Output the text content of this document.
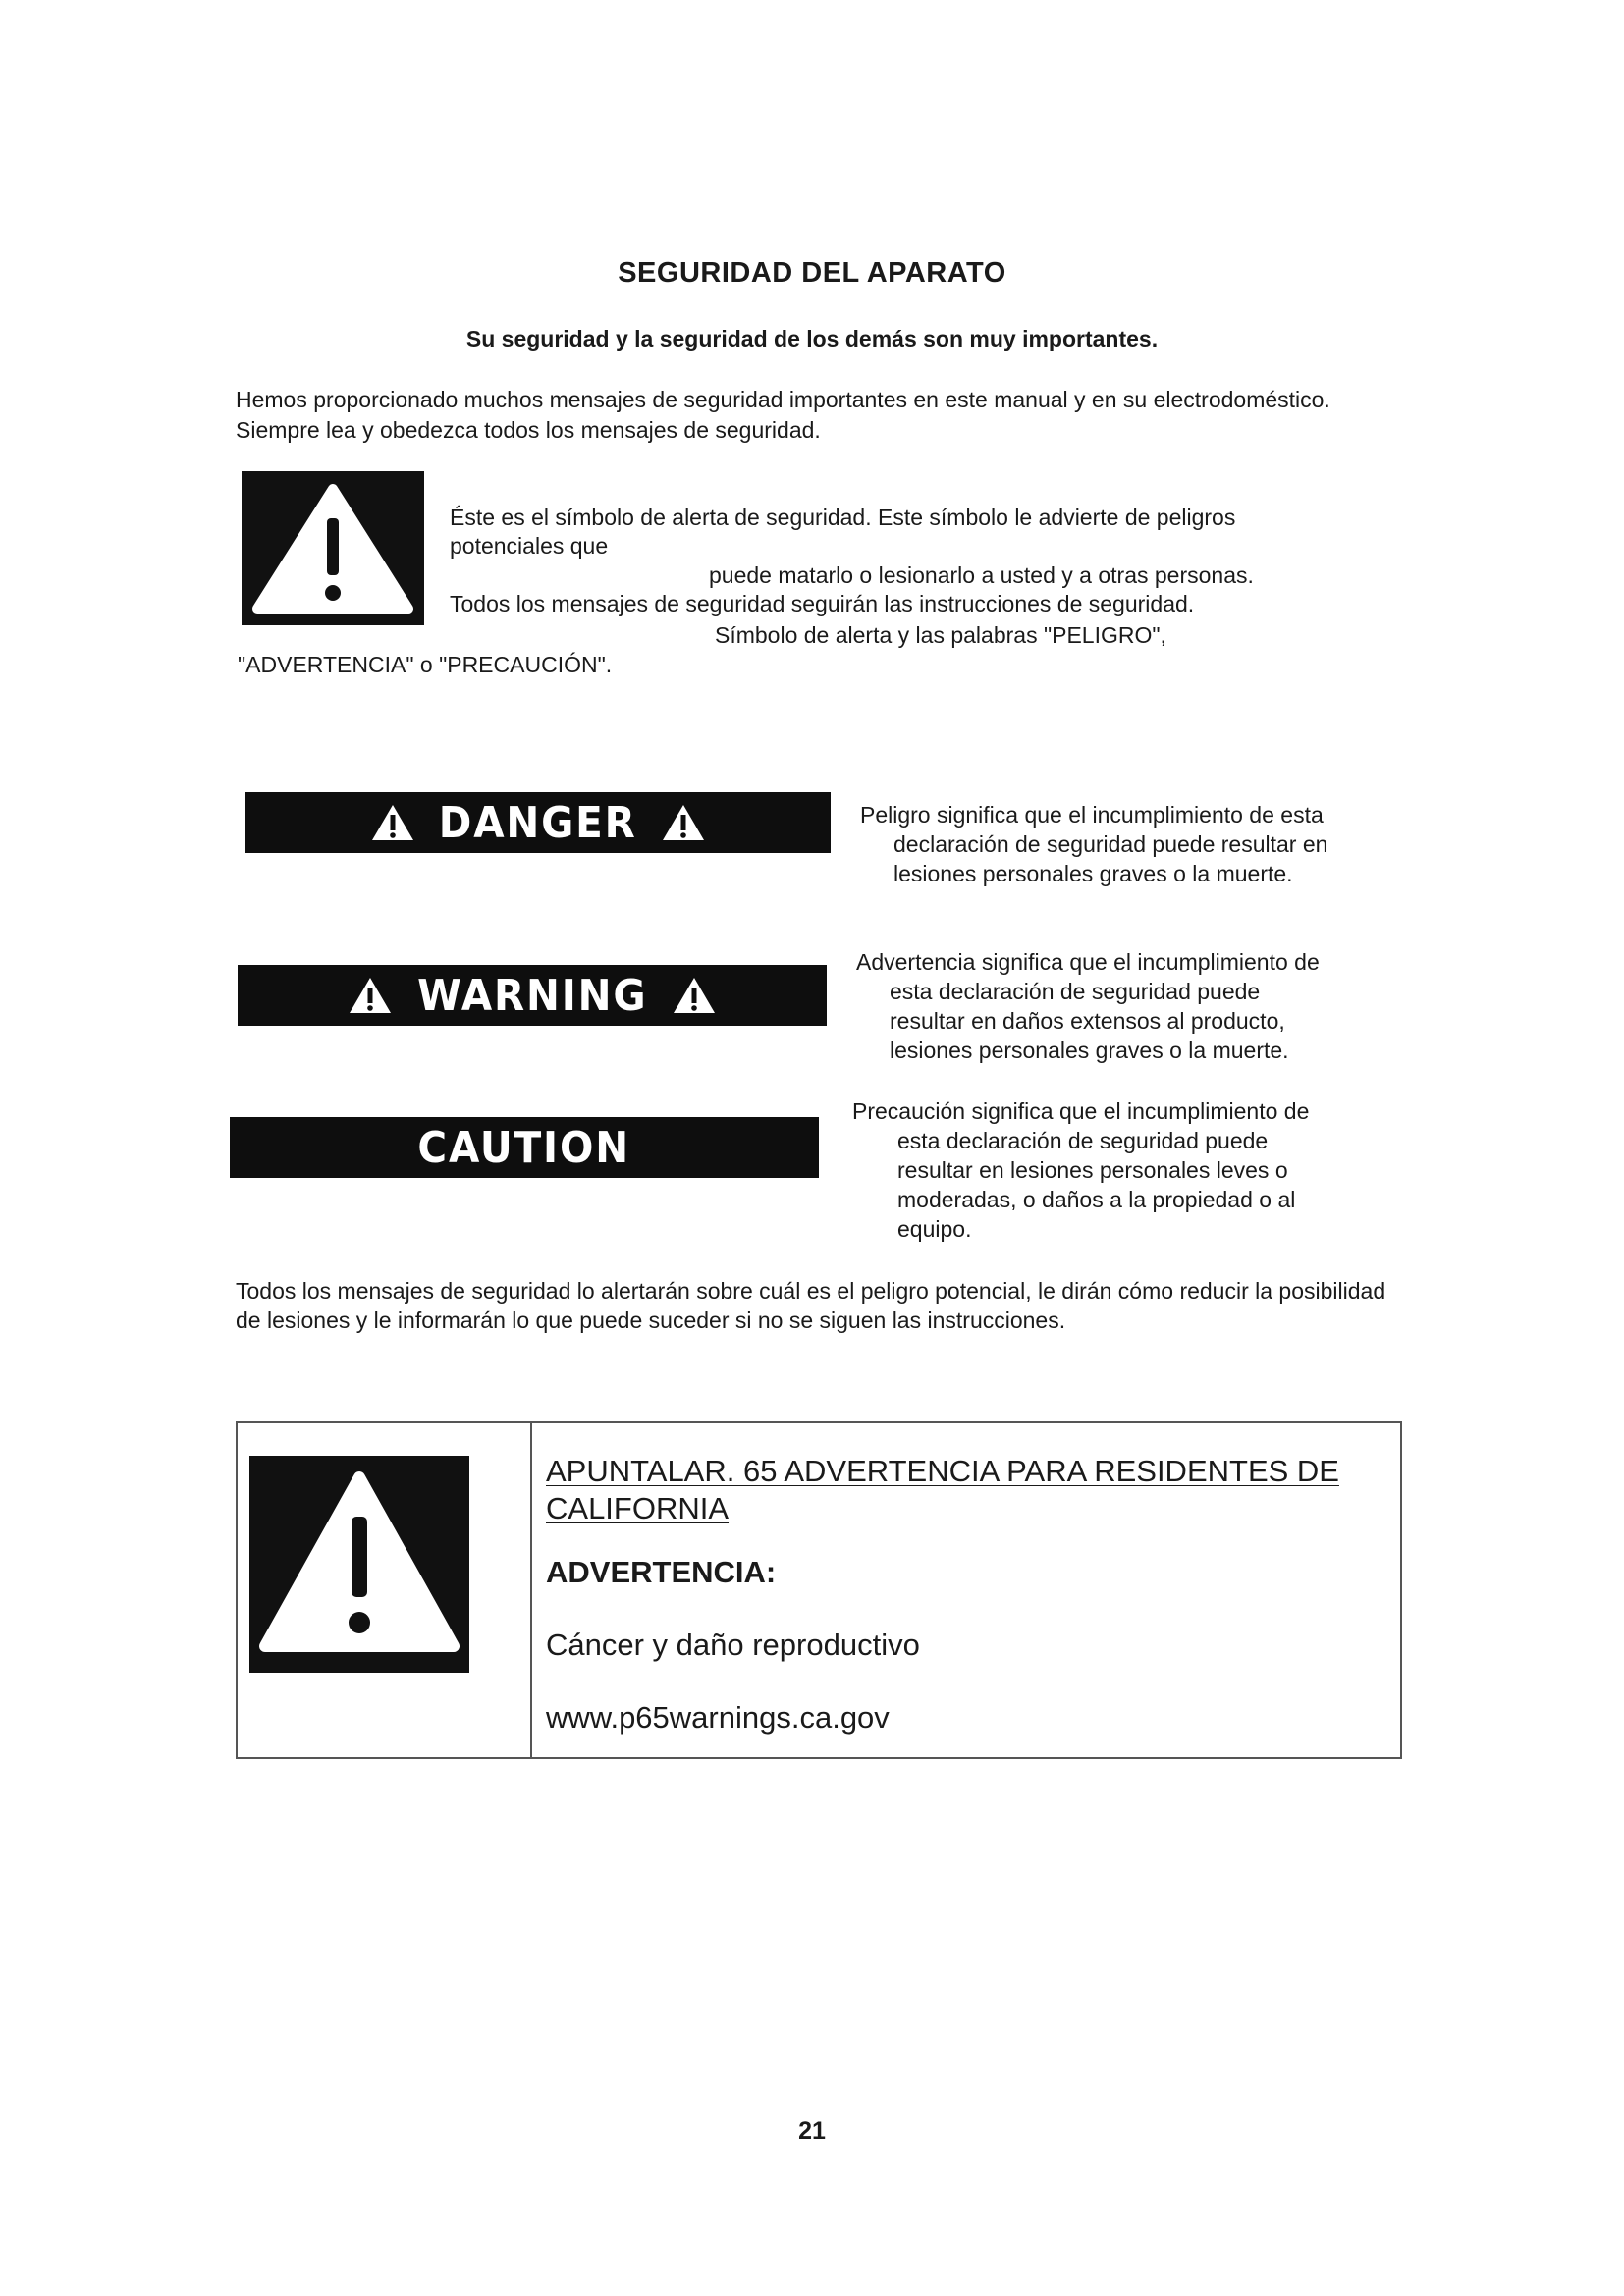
SEGURIDAD DEL APARATO
Su seguridad y la seguridad de los demás son muy importantes.
Hemos proporcionado muchos mensajes de seguridad importantes en este manual y en su electrodoméstico. Siempre lea y obedezca todos los mensajes de seguridad.
Éste es el símbolo de alerta de seguridad. Este símbolo le advierte de peligros
potenciales que
puede matarlo o lesionarlo a usted y a otras personas.
Todos los mensajes de seguridad seguirán las instrucciones de seguridad.
Símbolo de alerta y las palabras "PELIGRO",
"ADVERTENCIA" o "PRECAUCIÓN".
DANGER	Peligro significa que el incumplimiento de esta
declaración de seguridad puede resultar en
lesiones personales graves o la muerte.
WARNING
Advertencia significa que el incumplimiento de
esta declaración de seguridad puede
resultar en daños extensos al producto,
lesiones personales graves o la muerte.
CAUTION
Precaución significa que el incumplimiento de
esta declaración de seguridad puede
resultar en lesiones personales leves o
moderadas, o daños a la propiedad o al
equipo.
Todos los mensajes de seguridad lo alertarán sobre cuál es el peligro potencial, le dirán cómo reducir la posibilidad de lesiones y le informarán lo que puede suceder si no se siguen las instrucciones.
APUNTALAR. 65 ADVERTENCIA PARA RESIDENTES DE CALIFORNIA
ADVERTENCIA:
Cáncer y daño reproductivo
www.p65warnings.ca.gov
21
